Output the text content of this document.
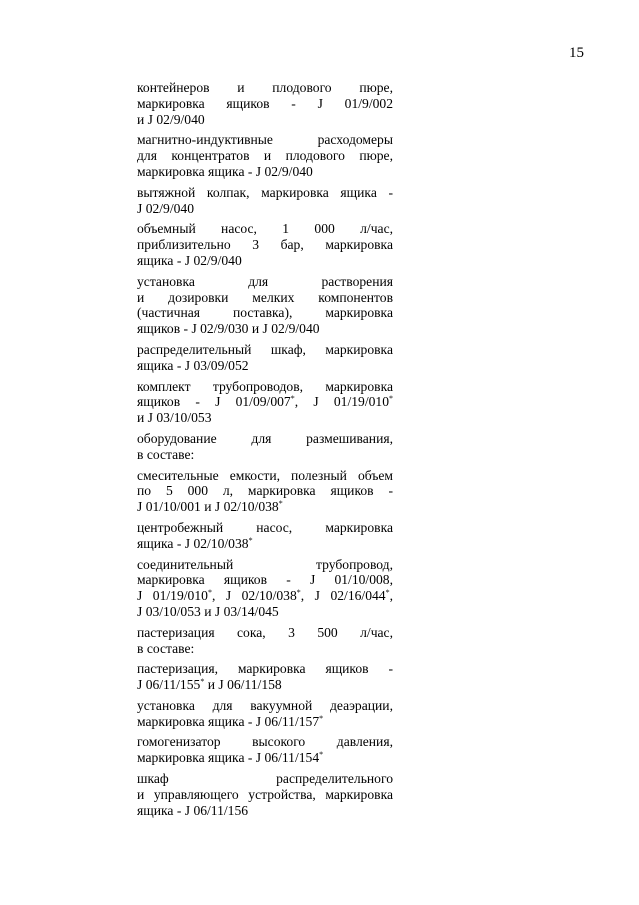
15
контейнеров и плодового пюре,
маркировка ящиков - J 01/9/002
и J 02/9/040
магнитно-индуктивные расходомеры
для концентратов и плодового пюре,
маркировка ящика - J 02/9/040
вытяжной колпак, маркировка ящика -
J 02/9/040
объемный насос, 1 000 л/час,
приблизительно 3 бар, маркировка
ящика - J 02/9/040
установка для растворения
и дозировки мелких компонентов
(частичная поставка), маркировка
ящиков - J 02/9/030 и J 02/9/040
распределительный шкаф, маркировка
ящика - J 03/09/052
комплект трубопроводов, маркировка
ящиков - J 01/09/007*, J 01/19/010*
и J 03/10/053
оборудование для размешивания,
в составе:
смесительные емкости, полезный объем
по 5 000 л, маркировка ящиков -
J 01/10/001 и J 02/10/038*
центробежный насос, маркировка
ящика - J 02/10/038*
соединительный трубопровод,
маркировка ящиков - J 01/10/008,
J 01/19/010*, J 02/10/038*, J 02/16/044*,
J 03/10/053 и J 03/14/045
пастеризация сока, 3 500 л/час,
в составе:
пастеризация, маркировка ящиков -
J 06/11/155* и J 06/11/158
установка для вакуумной деаэрации,
маркировка ящика - J 06/11/157*
гомогенизатор высокого давления,
маркировка ящика - J 06/11/154*
шкаф распределительного
и управляющего устройства, маркировка
ящика - J 06/11/156
